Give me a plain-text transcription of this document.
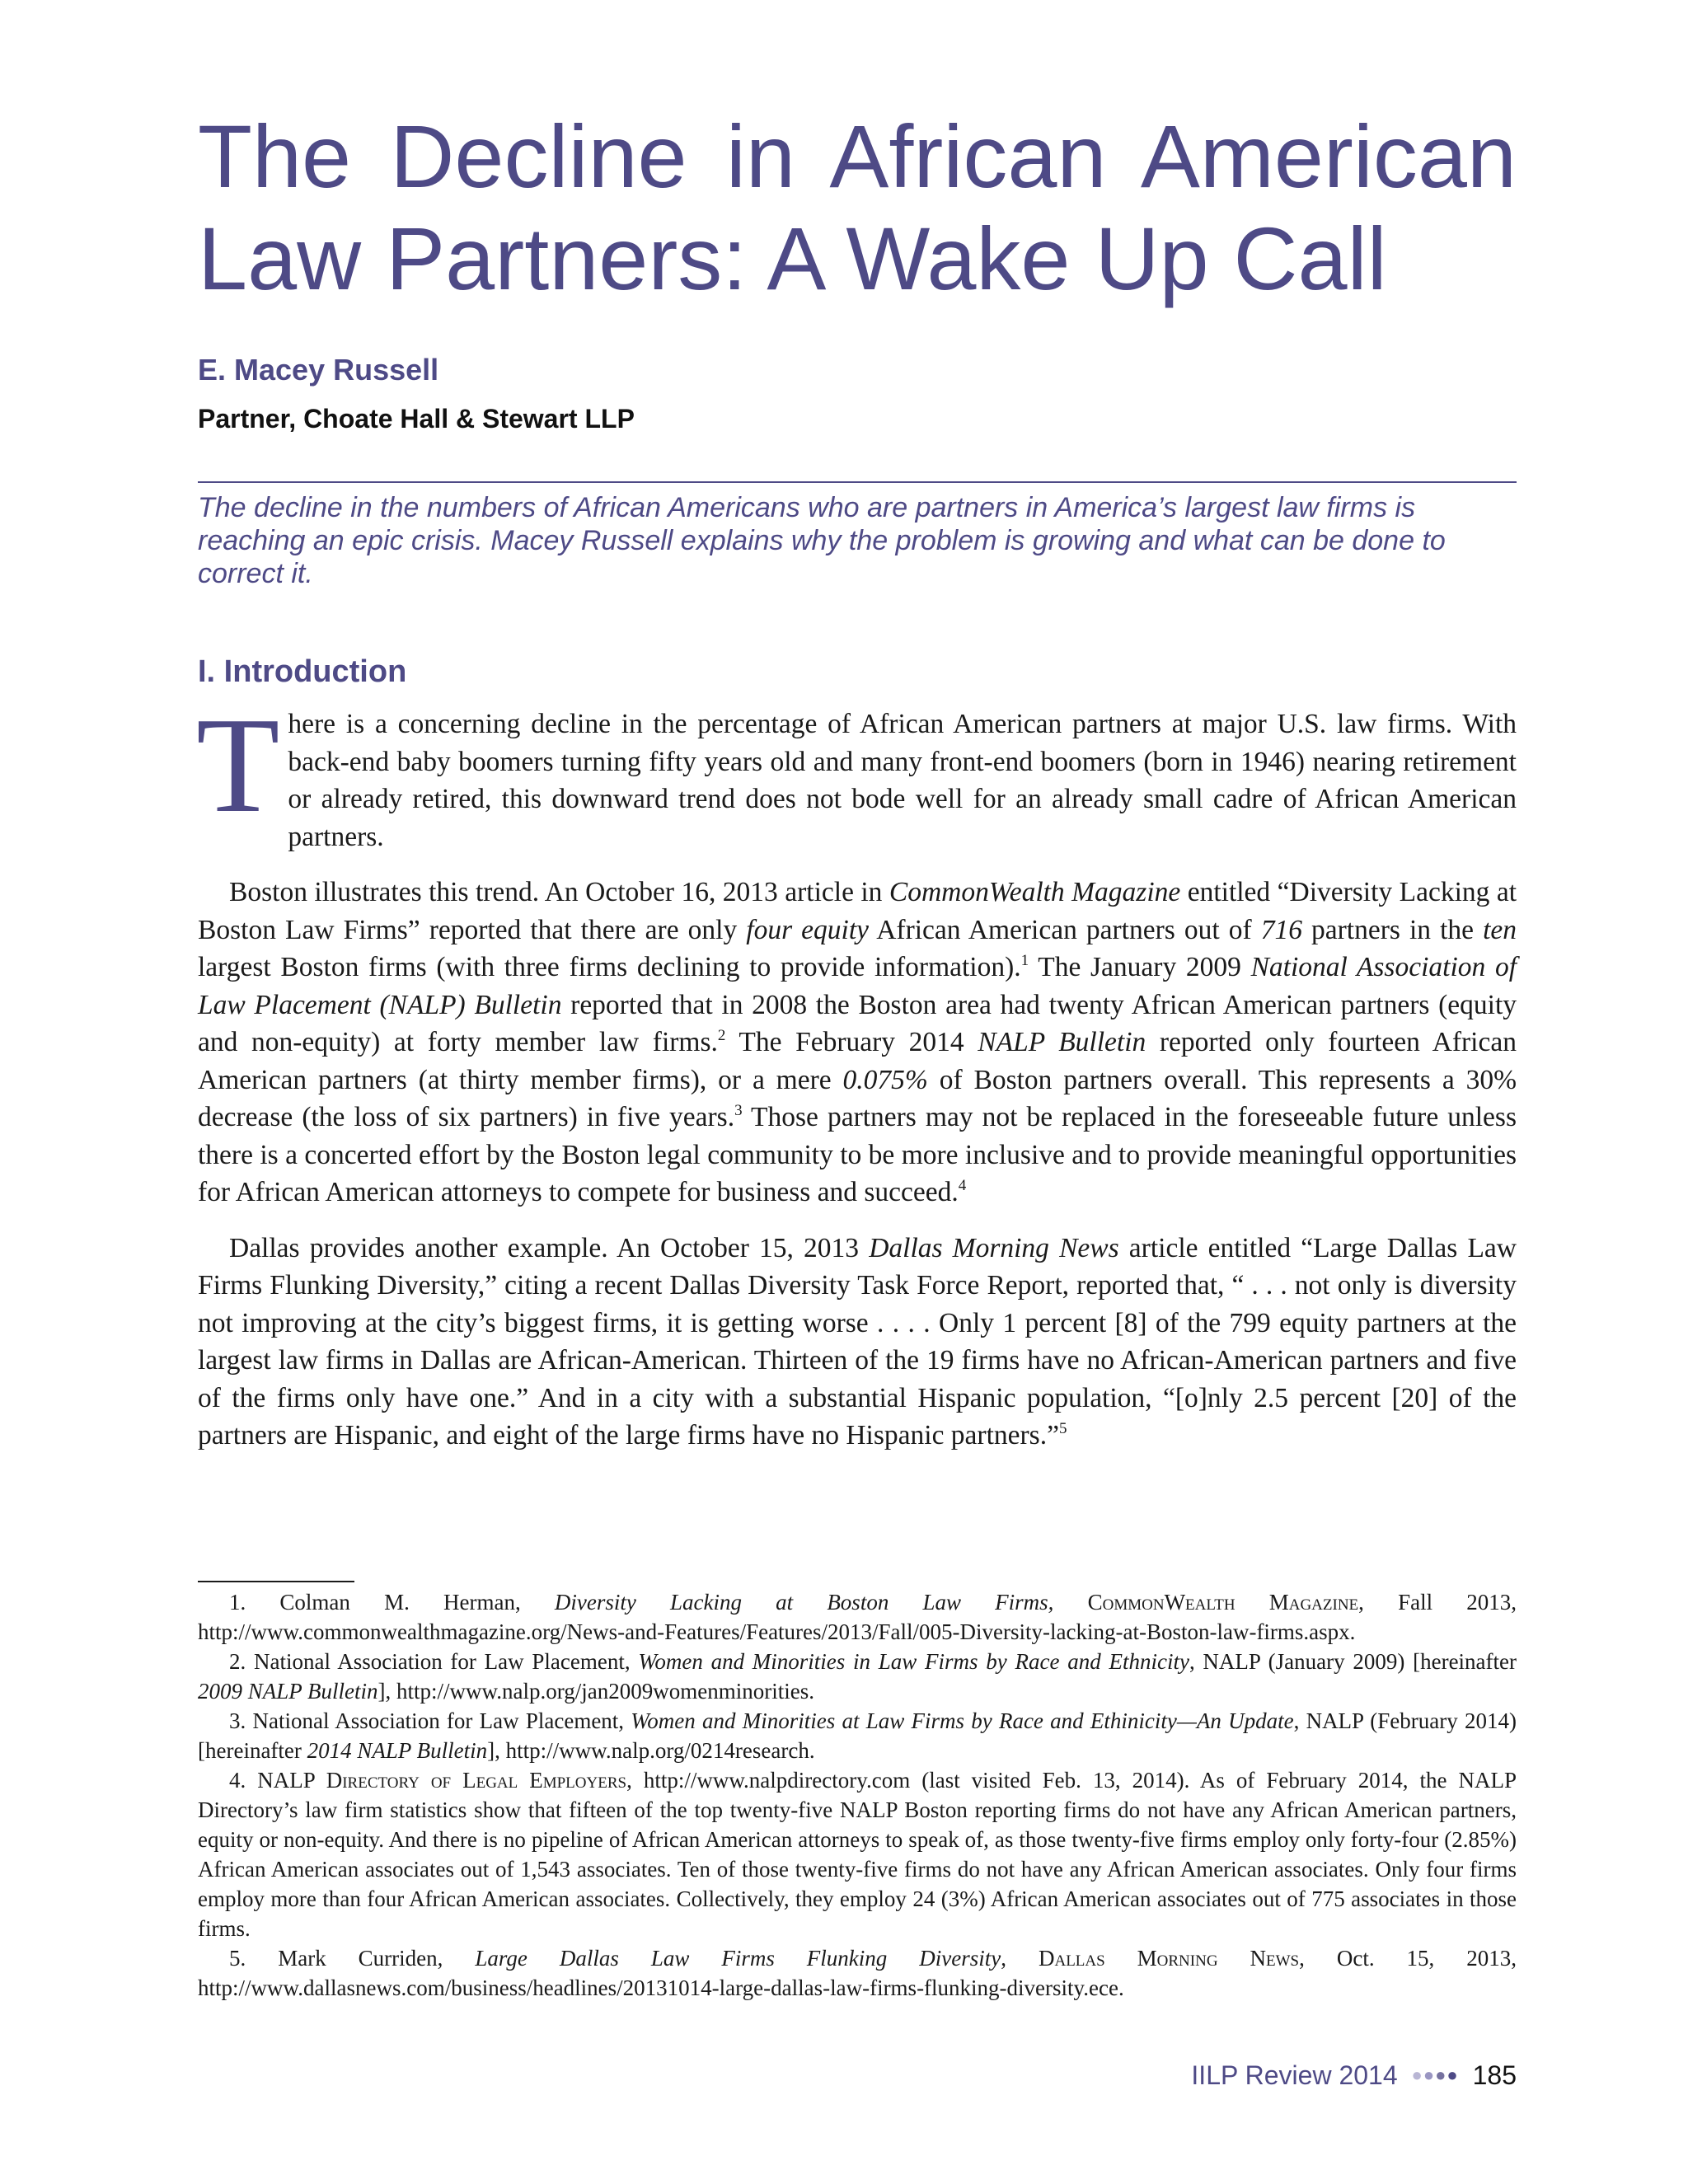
The Decline in African American
Law Partners: A Wake Up Call
E. Macey Russell
Partner, Choate Hall & Stewart LLP

The decline in the numbers of African Americans who are partners in America’s largest law firms is reaching an epic crisis. Macey Russell explains why the problem is growing and what can be done to correct it.

I. Introduction

There is a concerning decline in the percentage of African American partners at major U.S. law firms. With back-end baby boomers turning fifty years old and many front-end boomers (born in 1946) nearing retirement or already retired, this downward trend does not bode well for an already small cadre of African American partners.

Boston illustrates this trend. An October 16, 2013 article in CommonWealth Magazine entitled “Diversity Lacking at Boston Law Firms” reported that there are only four equity African American partners out of 716 partners in the ten largest Boston firms (with three firms declining to provide information).$^1$ The January 2009 National Association of Law Placement (NALP) Bulletin reported that in 2008 the Boston area had twenty African American partners (equity and non-equity) at forty member law firms.$^2$ The February 2014 NALP Bulletin reported only fourteen African American partners (at thirty member firms), or a mere 0.075% of Boston partners overall. This represents a 30% decrease (the loss of six partners) in five years.$^3$ Those partners may not be replaced in the foreseeable future unless there is a concerted effort by the Boston legal community to be more inclusive and to provide meaningful opportunities for African American attorneys to compete for business and succeed.$^4$

Dallas provides another example. An October 15, 2013 Dallas Morning News article entitled “Large Dallas Law Firms Flunking Diversity,” citing a recent Dallas Diversity Task Force Report, reported that, “ . . . not only is diversity not improving at the city’s biggest firms, it is getting worse . . . . Only 1 percent [8] of the 799 equity partners at the largest law firms in Dallas are African-American. Thirteen of the 19 firms have no African-American partners and five of the firms only have one.” And in a city with a substantial Hispanic population, “[o]nly 2.5 percent [20] of the partners are Hispanic, and eight of the large firms have no Hispanic partners.”$^5$

1. Colman M. Herman, Diversity Lacking at Boston Law Firms, CommonWealth Magazine, Fall 2013, http://www.commonwealthmagazine.org/News-and-Features/Features/2013/Fall/005-Diversity-lacking-at-Boston-law-firms.aspx.

2. National Association for Law Placement, Women and Minorities in Law Firms by Race and Ethnicity, NALP (January 2009) [hereinafter 2009 NALP Bulletin], http://www.nalp.org/jan2009womenminorities.

3. National Association for Law Placement, Women and Minorities at Law Firms by Race and Ethinicity—An Update, NALP (February 2014) [hereinafter 2014 NALP Bulletin], http://www.nalp.org/0214research.

4. NALP Directory of Legal Employers, http://www.nalpdirectory.com (last visited Feb. 13, 2014). As of February 2014, the NALP Directory’s law firm statistics show that fifteen of the top twenty-five NALP Boston reporting firms do not have any African American partners, equity or non-equity. And there is no pipeline of African American attorneys to speak of, as those twenty-five firms employ only forty-four (2.85%) African American associates out of 1,543 associates. Ten of those twenty-five firms do not have any African American associates. Only four firms employ more than four African American associates. Collectively, they employ 24 (3%) African American associates out of 775 associates in those firms.

5. Mark Curriden, Large Dallas Law Firms Flunking Diversity, Dallas Morning News, Oct. 15, 2013, http://www.dallasnews.com/business/headlines/20131014-large-dallas-law-firms-flunking-diversity.ece.

IILP Review 2014 ●●●● 185
